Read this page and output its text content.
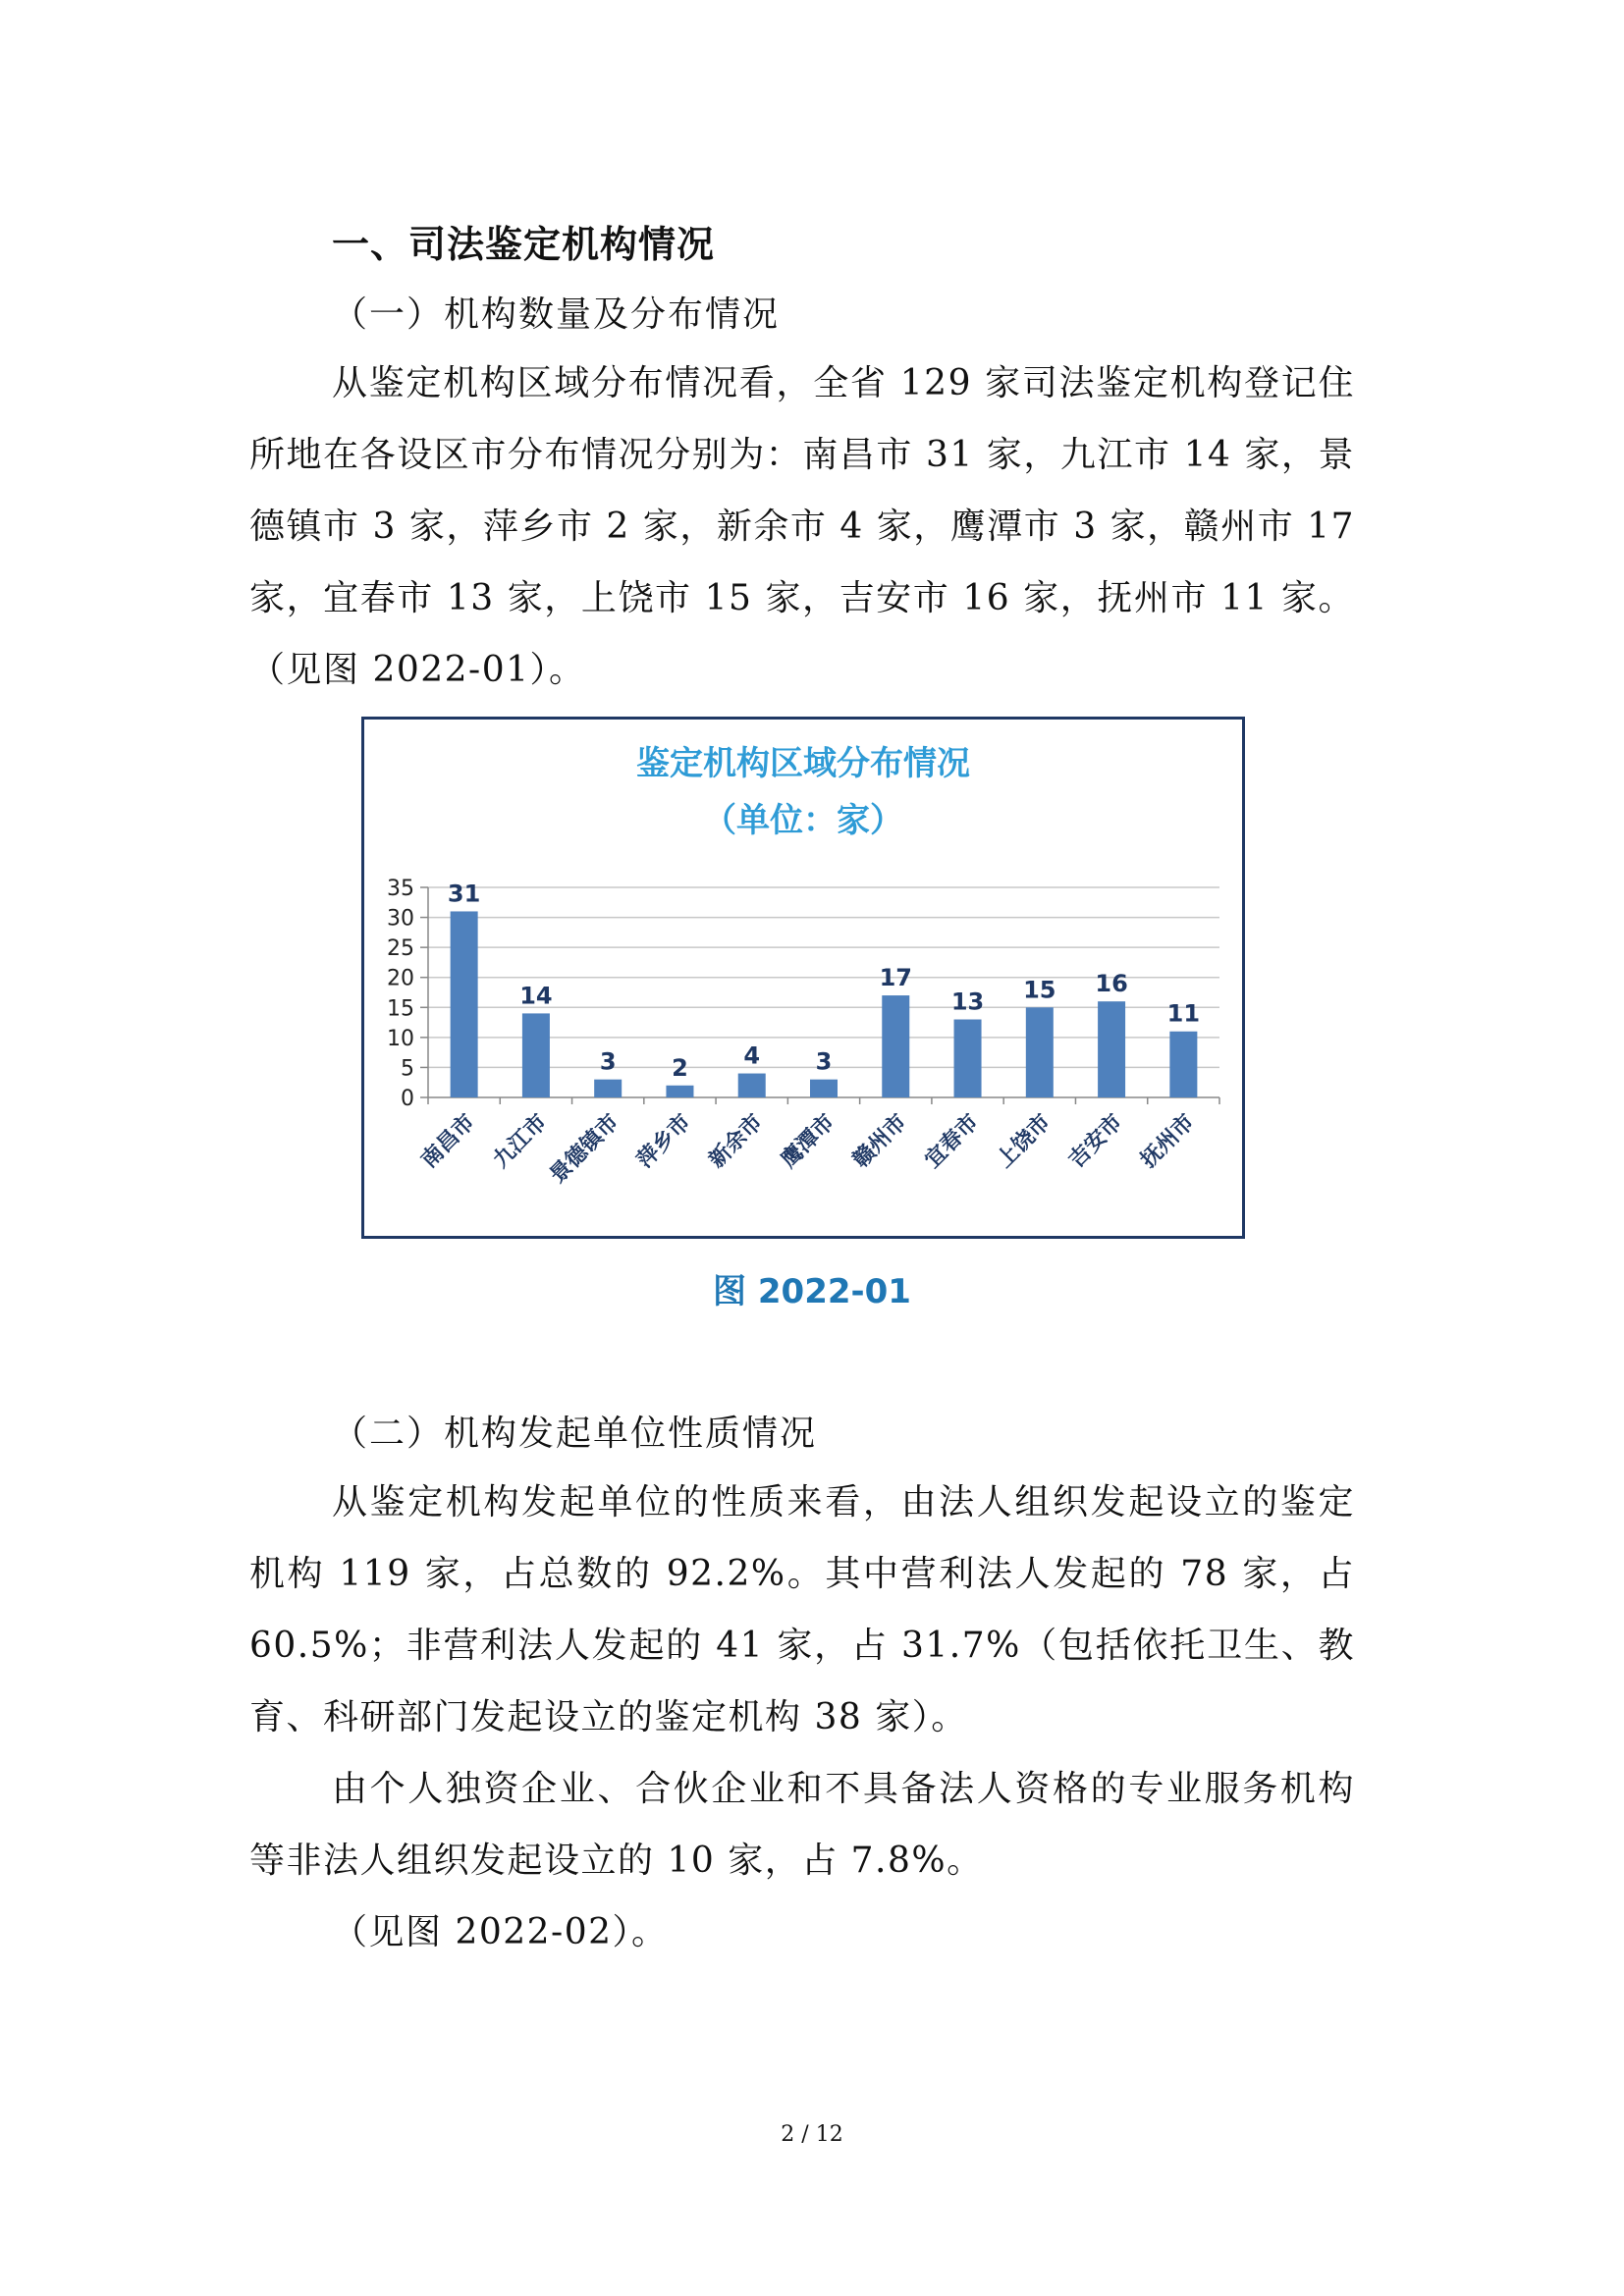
一、司法鉴定机构情况
（一）机构数量及分布情况
从鉴定机构区域分布情况看，全省 129 家司法鉴定机构登记住所地在各设区市分布情况分别为：南昌市 31 家，九江市 14 家，景德镇市 3 家，萍乡市 2 家，新余市 4 家，鹰潭市 3 家，赣州市 17 家，宜春市 13 家，上饶市 15 家，吉安市 16 家，抚州市 11 家。（见图 2022-01）。
鉴定机构区域分布情况
（单位：家）
0
5
10
15
20
25
30
35 31
14
3 2 4 3
17
13 15 16
11
南昌市 九江市
景德镇市 萍乡市 新余市 鹰潭市 赣州市 宜春市 上饶市 吉安市 抚州市
图 2022-01
（二）机构发起单位性质情况
从鉴定机构发起单位的性质来看，由法人组织发起设立的鉴定机构 119 家，占总数的 92.2%。其中营利法人发起的 78 家，占 60.5%；非营利法人发起的 41 家，占 31.7%（包括依托卫生、教育、科研部门发起设立的鉴定机构 38 家）。
由个人独资企业、合伙企业和不具备法人资格的专业服务机构等非法人组织发起设立的 10 家，占 7.8%。
（见图 2022-02）。
2 / 12
